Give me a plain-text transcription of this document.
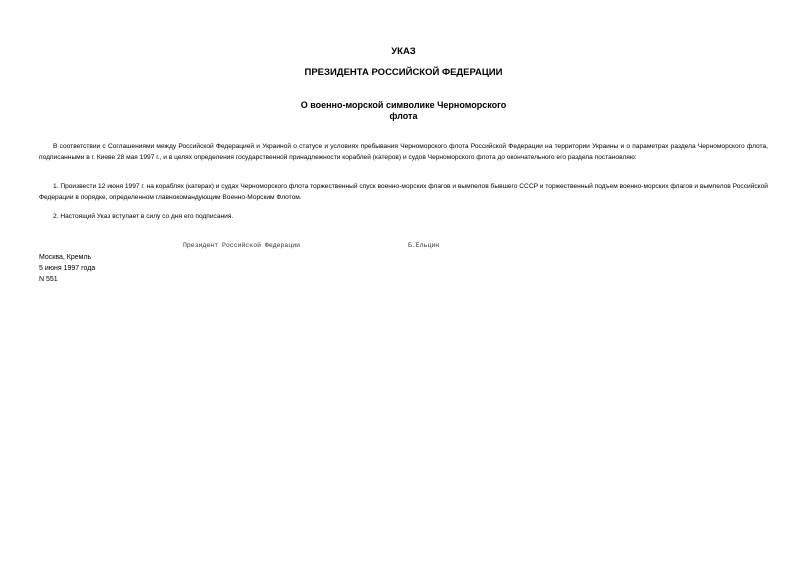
УКАЗ
ПРЕЗИДЕНТА РОССИЙСКОЙ ФЕДЕРАЦИИ
О военно-морской символике Черноморского
флота

В соответствии с Соглашениями между Российской Федерацией и Украиной о статусе и условиях пребывания Черноморского флота Российской Федерации на территории Украины и о параметрах раздела Черноморского флота, подписанными в г. Киеве 28 мая 1997 г., и в целях определения государственной принадлежности кораблей (катеров) и судов Черноморского флота до окончательного его раздела постановляю:

1. Произвести 12 июня 1997 г. на кораблях (катерах) и судах Черноморского флота торжественный спуск военно-морских флагов и вымпелов бывшего СССР и торжественный подъем военно-морских флагов и вымпелов Российской Федерации в порядке, определенном главнокомандующим Военно-Морским Флотом.

2. Настоящий Указ вступает в силу со дня его подписания.

Президент Российской Федерации	Б.Ельцин
Москва, Кремль
5 июня 1997 года
N 551
